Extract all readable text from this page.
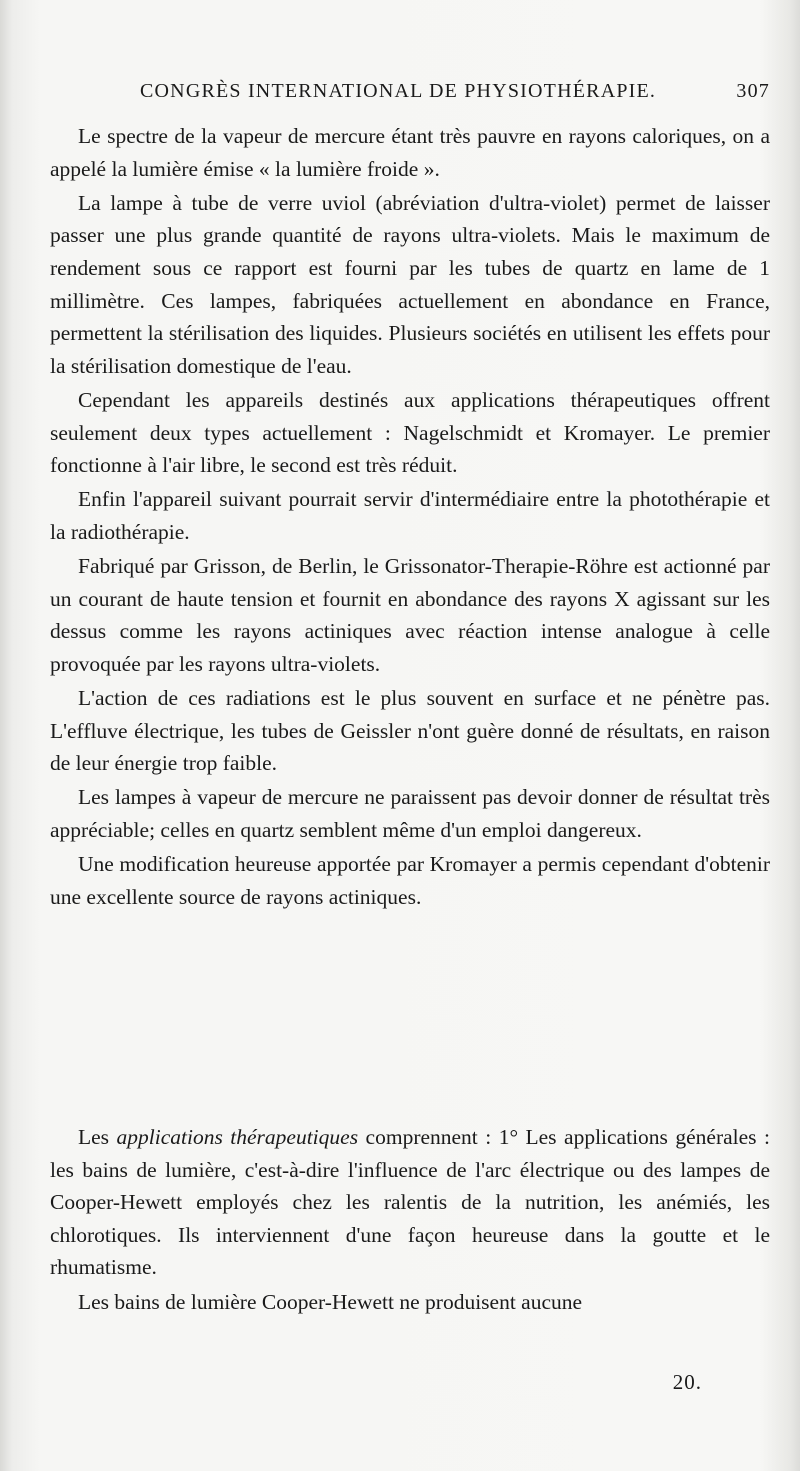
CONGRÈS INTERNATIONAL DE PHYSIOTHÉRAPIE.	307

Le spectre de la vapeur de mercure étant très pauvre en rayons caloriques, on a appelé la lumière émise « la lumière froide ».

La lampe à tube de verre uviol (abréviation d'ultra-violet) permet de laisser passer une plus grande quantité de rayons ultra-violets. Mais le maximum de rendement sous ce rapport est fourni par les tubes de quartz en lame de 1 millimètre. Ces lampes, fabriquées actuellement en abondance en France, permettent la stérilisation des liquides. Plusieurs sociétés en utilisent les effets pour la stérilisation domestique de l'eau.

Cependant les appareils destinés aux applications thérapeutiques offrent seulement deux types actuellement : Nagelschmidt et Kromayer. Le premier fonctionne à l'air libre, le second est très réduit.

Enfin l'appareil suivant pourrait servir d'intermédiaire entre la photothérapie et la radiothérapie.

Fabriqué par Grisson, de Berlin, le Grissonator-Therapie-Röhre est actionné par un courant de haute tension et fournit en abondance des rayons X agissant sur les dessus comme les rayons actiniques avec réaction intense analogue à celle provoquée par les rayons ultra-violets.

L'action de ces radiations est le plus souvent en surface et ne pénètre pas. L'effluve électrique, les tubes de Geissler n'ont guère donné de résultats, en raison de leur énergie trop faible.

Les lampes à vapeur de mercure ne paraissent pas devoir donner de résultat très appréciable; celles en quartz semblent même d'un emploi dangereux.

Une modification heureuse apportée par Kromayer a permis cependant d'obtenir une excellente source de rayons actiniques.

Les applications thérapeutiques comprennent : 1° Les applications générales : les bains de lumière, c'est-à-dire l'influence de l'arc électrique ou des lampes de Cooper-Hewett employés chez les ralentis de la nutrition, les anémiés, les chlorotiques. Ils interviennent d'une façon heureuse dans la goutte et le rhumatisme.

Les bains de lumière Cooper-Hewett ne produisent aucune

20.
